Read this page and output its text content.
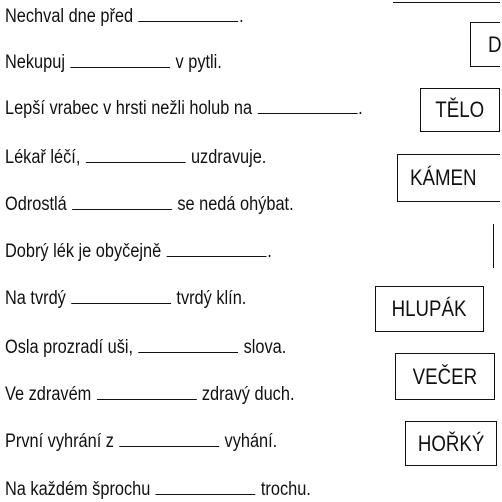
Nechval dne před	.
Nekupuj	v pytli.
Lepší vrabec v hrsti nežli holub na	.
Lékař léčí,	uzdravuje.
Odrostlá	se nedá ohýbat.
Dobrý lék je obyčejně	.
Na tvrdý	tvrdý klín.
Osla prozradí uši,	slova.
Ve zdravém	zdravý duch.
První vyhrání z	vyhání.
Na každém šprochu	trochu.
D
TĚLO
KÁMEN
HLUPÁK
VEČER
HOŘKÝ
